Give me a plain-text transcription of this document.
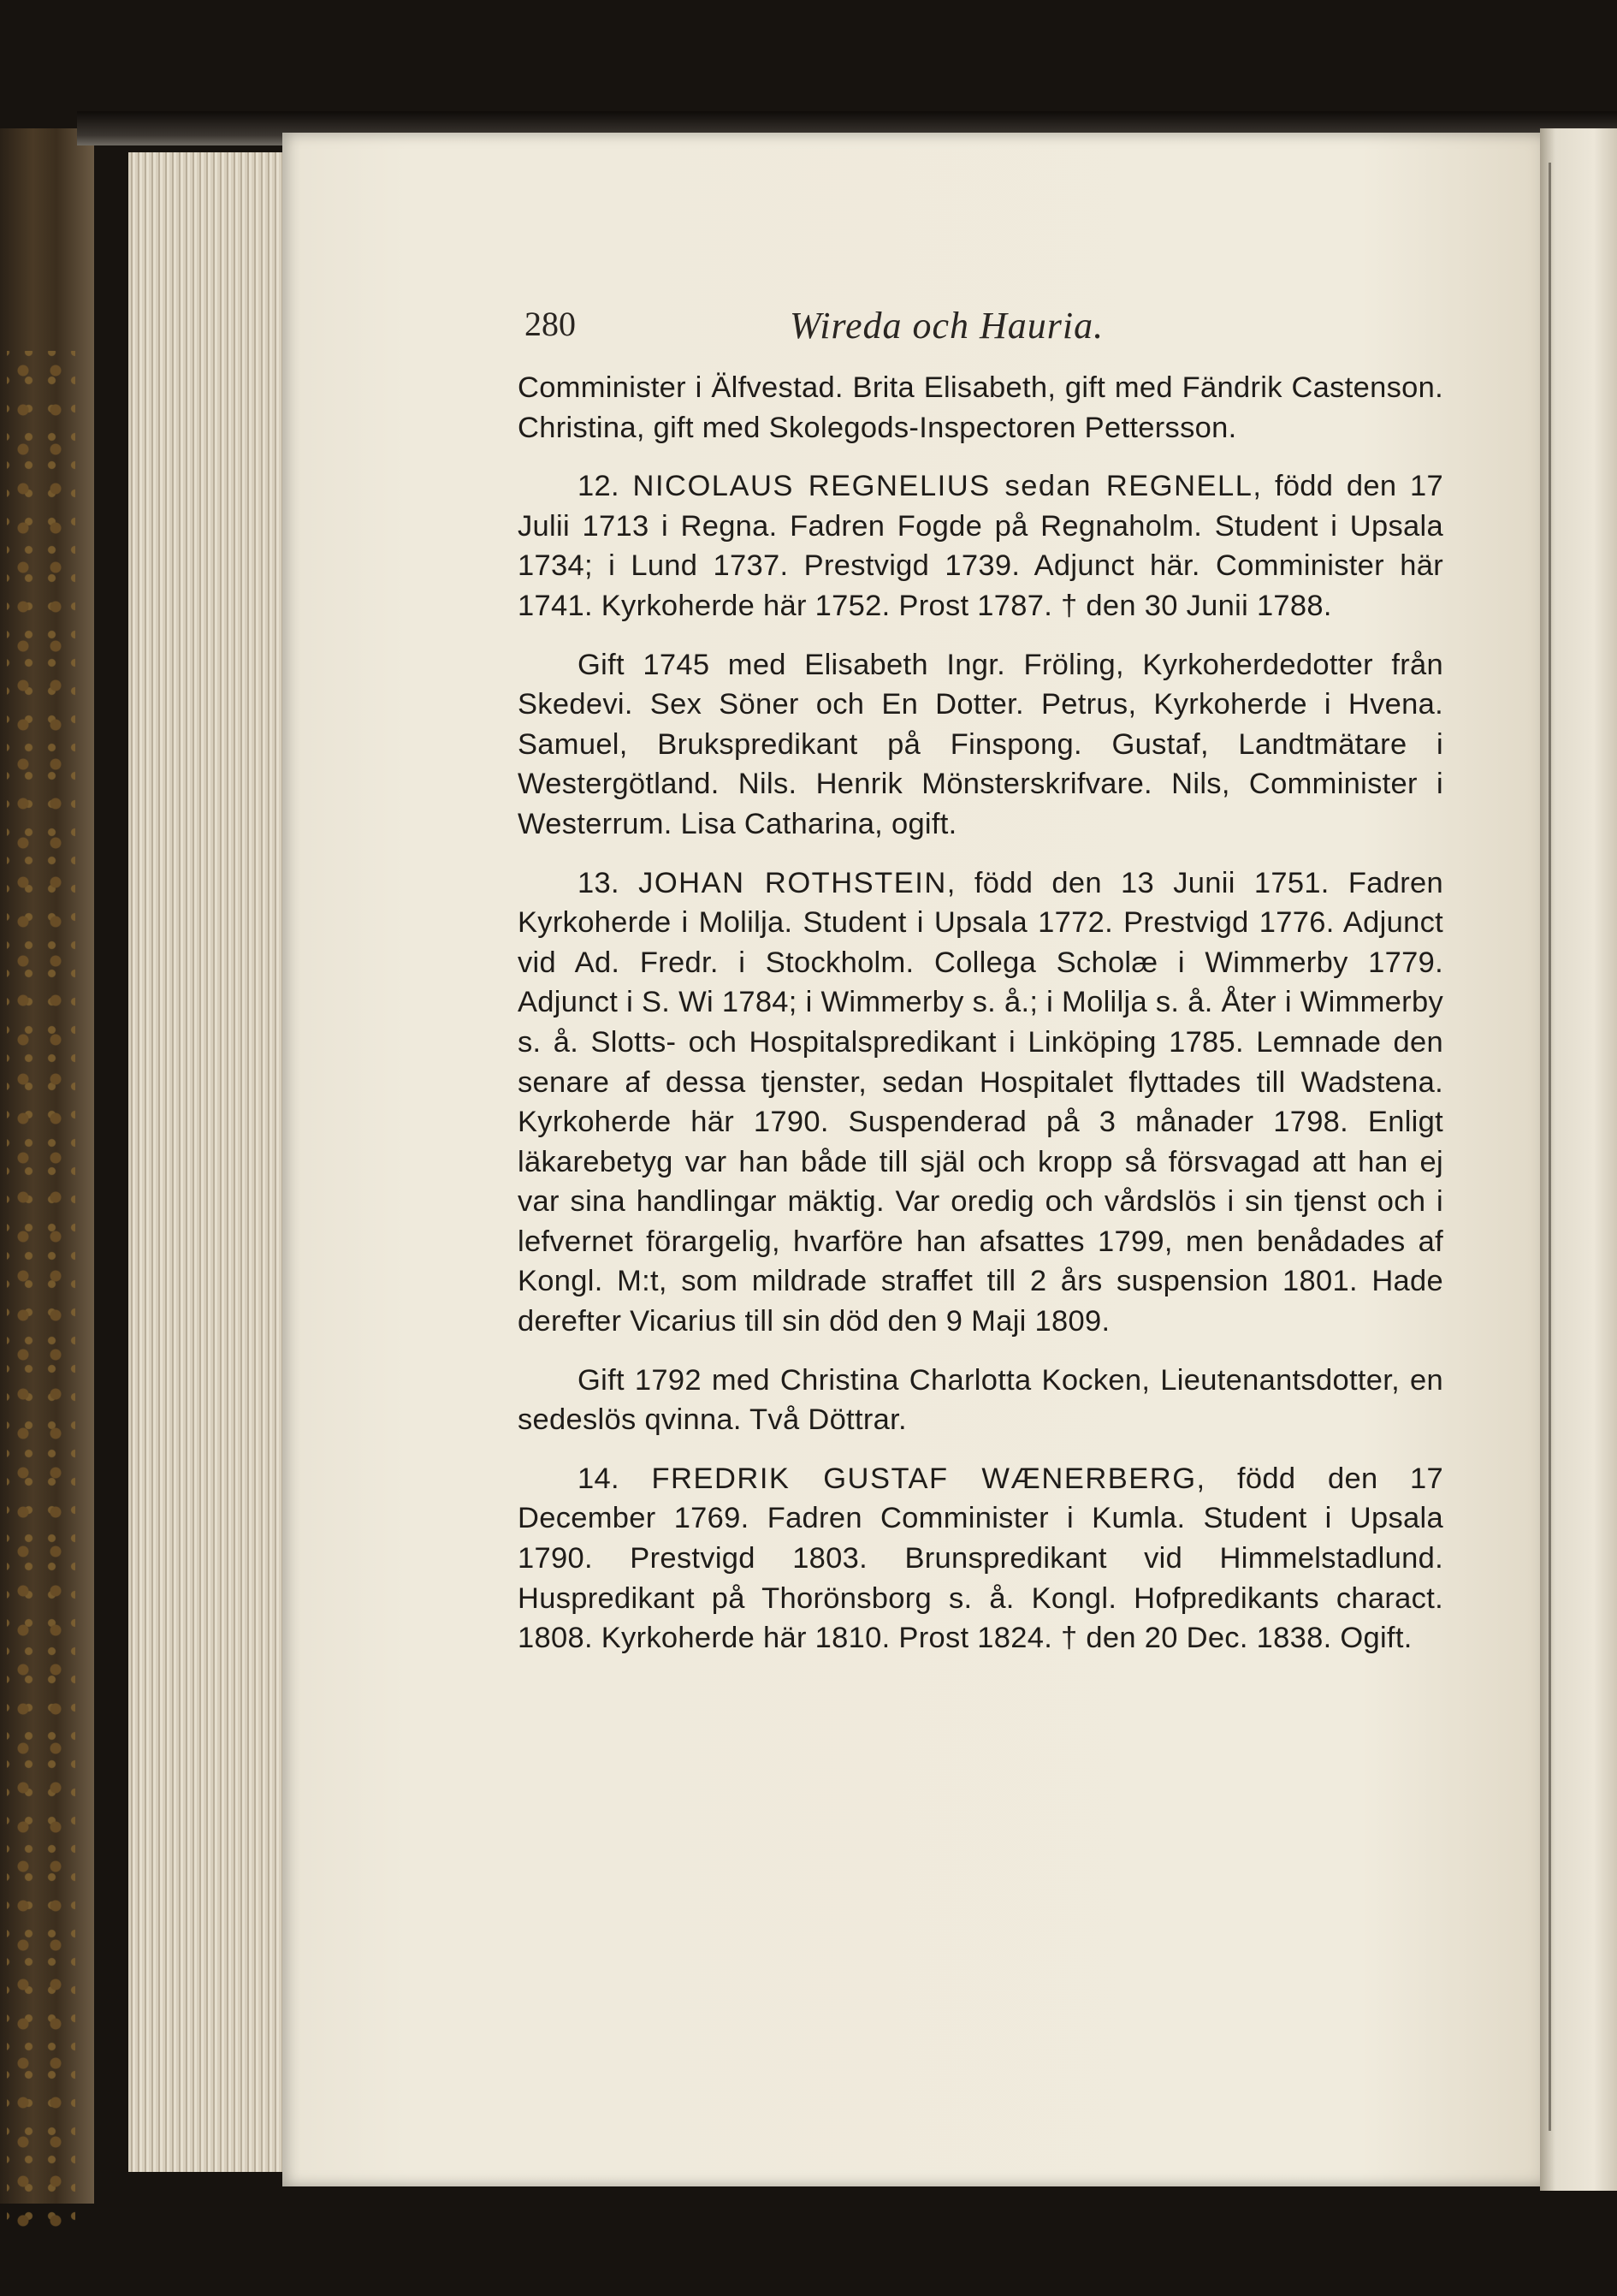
280	Wireda och Hauria.

Comminister i Älfvestad. Brita Elisabeth, gift med Fändrik Castenson. Christina, gift med Skolegods-Inspectoren Pettersson.

12. NICOLAUS REGNELIUS sedan REGNELL, född den 17 Julii 1713 i Regna. Fadren Fogde på Regnaholm. Student i Upsala 1734; i Lund 1737. Prestvigd 1739. Adjunct här. Comminister här 1741. Kyrkoherde här 1752. Prost 1787. † den 30 Junii 1788.

Gift 1745 med Elisabeth Ingr. Fröling, Kyrkoherdedotter från Skedevi. Sex Söner och En Dotter. Petrus, Kyrkoherde i Hvena. Samuel, Brukspredikant på Finspong. Gustaf, Landtmätare i Westergötland. Nils. Henrik Mönsterskrifvare. Nils, Comminister i Westerrum. Lisa Catharina, ogift.

13. JOHAN ROTHSTEIN, född den 13 Junii 1751. Fadren Kyrkoherde i Molilja. Student i Upsala 1772. Prestvigd 1776. Adjunct vid Ad. Fredr. i Stockholm. Collega Scholæ i Wimmerby 1779. Adjunct i S. Wi 1784; i Wimmerby s. å.; i Molilja s. å. Åter i Wimmerby s. å. Slotts- och Hospitalspredikant i Linköping 1785. Lemnade den senare af dessa tjenster, sedan Hospitalet flyttades till Wadstena. Kyrkoherde här 1790. Suspenderad på 3 månader 1798. Enligt läkarebetyg var han både till själ och kropp så försvagad att han ej var sina handlingar mäktig. Var oredig och vårdslös i sin tjenst och i lefvernet förargelig, hvarföre han afsattes 1799, men benådades af Kongl. M:t, som mildrade straffet till 2 års suspension 1801. Hade derefter Vicarius till sin död den 9 Maji 1809.

Gift 1792 med Christina Charlotta Kocken, Lieutenantsdotter, en sedeslös qvinna. Två Döttrar.

14. FREDRIK GUSTAF WÆNERBERG, född den 17 December 1769. Fadren Comminister i Kumla. Student i Upsala 1790. Prestvigd 1803. Brunspredikant vid Himmelstadlund. Huspredikant på Thorönsborg s. å. Kongl. Hofpredikants charact. 1808. Kyrkoherde här 1810. Prost 1824. † den 20 Dec. 1838. Ogift.
